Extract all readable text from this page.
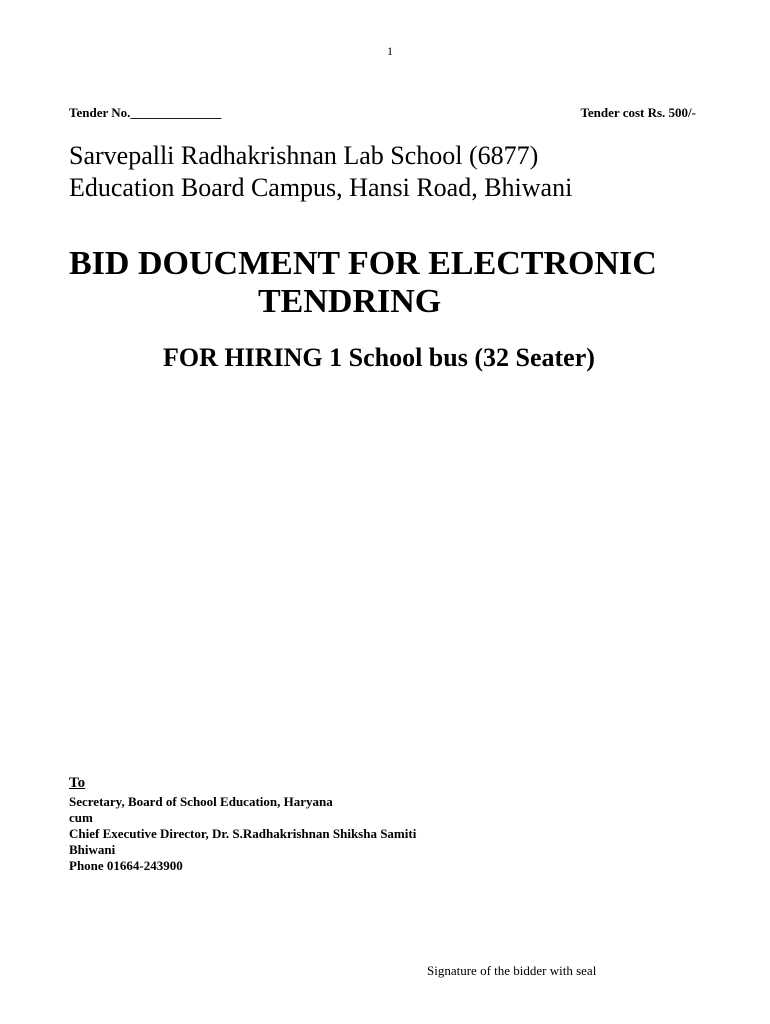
1
Tender No.______________	Tender cost Rs. 500/-
Sarvepalli Radhakrishnan Lab School (6877)
Education Board Campus, Hansi Road, Bhiwani
BID DOUCMENT FOR ELECTRONIC
TENDRING
FOR HIRING 1 School bus (32 Seater)
To
Secretary, Board of School Education, Haryana
cum
Chief Executive Director, Dr. S.Radhakrishnan Shiksha Samiti
Bhiwani
Phone 01664-243900
Signature of the bidder with seal
